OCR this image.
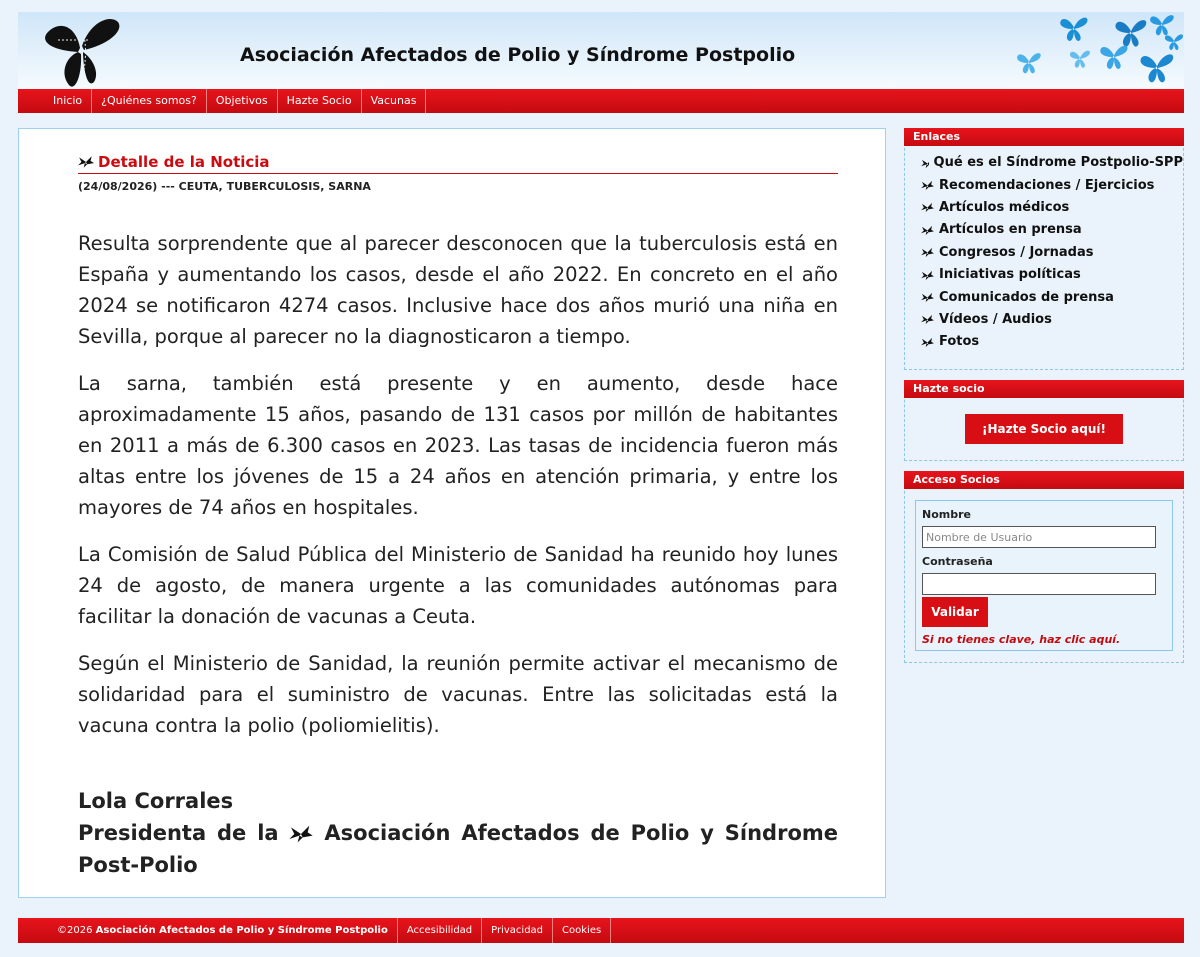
Asociación Afectados de Polio y Síndrome Postpolio
Inicio	¿Quiénes somos?	Objetivos	Hazte Socio	Vacunas
Detalle de la Noticia
(24/08/2026) --- CEUTA, TUBERCULOSIS, SARNA

Resulta sorprendente que al parecer desconocen que la tuberculosis está en España y aumentando los casos, desde el año 2022. En concreto en el año 2024 se notificaron 4274 casos. Inclusive hace dos años murió una niña en Sevilla, porque al parecer no la diagnosticaron a tiempo.

La sarna, también está presente y en aumento, desde hace aproximadamente 15 años, pasando de 131 casos por millón de habitantes en 2011 a más de 6.300 casos en 2023. Las tasas de incidencia fueron más altas entre los jóvenes de 15 a 24 años en atención primaria, y entre los mayores de 74 años en hospitales.

La Comisión de Salud Pública del Ministerio de Sanidad ha reunido hoy lunes 24 de agosto, de manera urgente a las comunidades autónomas para facilitar la donación de vacunas a Ceuta.

Según el Ministerio de Sanidad, la reunión permite activar el mecanismo de solidaridad para el suministro de vacunas. Entre las solicitadas está la vacuna contra la polio (poliomielitis).

Lola Corrales
Presidenta de la Asociación Afectados de Polio y Síndrome Post-Polio
Enlaces
Qué es el Síndrome Postpolio-SPP
Recomendaciones / Ejercicios
Artículos médicos
Artículos en prensa
Congresos / Jornadas
Iniciativas políticas
Comunicados de prensa
Vídeos / Audios
Fotos
Hazte socio
¡Hazte Socio aquí!
Acceso Socios
Nombre
Nombre de Usuario
Contraseña
Validar
Si no tienes clave, haz clic aquí.
©2026 Asociación Afectados de Polio y Síndrome Postpolio	Accesibilidad	Privacidad	Cookies
